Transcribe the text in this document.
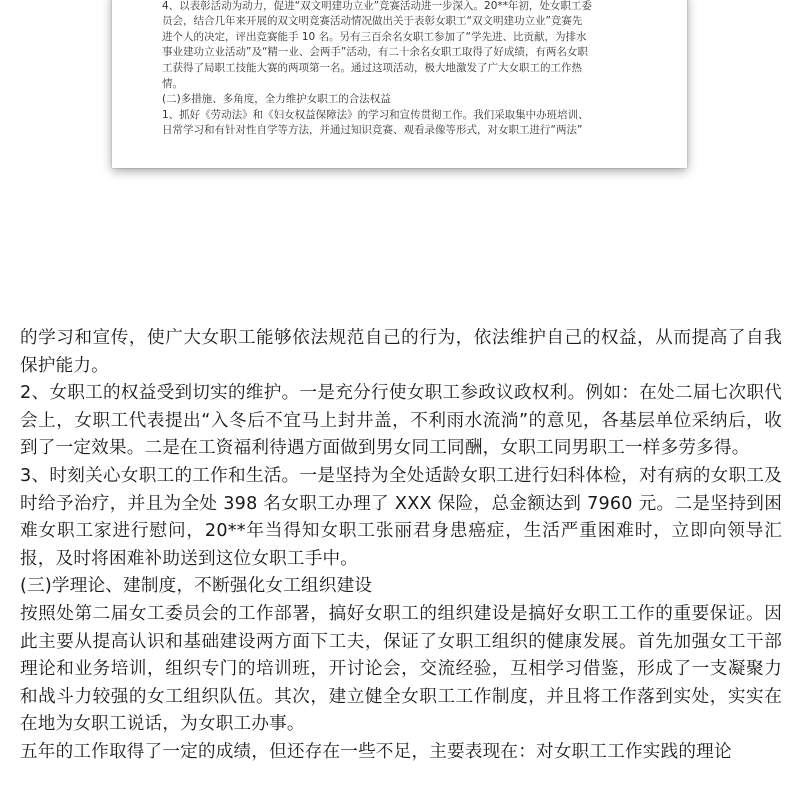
4、以表彰活动为动力，促进“双文明建功立业”竞赛活动进一步深入。20**年初，处女职工委

员会，结合几年来开展的双文明竞赛活动情况做出关于表彰女职工“双文明建功立业”竞赛先

进个人的决定，评出竞赛能手 10 名。另有三百余名女职工参加了“学先进、比贡献，为排水

事业建功立业活动”及“精一业、会两手”活动，有二十余名女职工取得了好成绩，有两名女职

工获得了局职工技能大赛的两项第一名。通过这项活动，极大地激发了广大女职工的工作热

情。

(二)多措施、多角度，全力维护女职工的合法权益

1、抓好《劳动法》和《妇女权益保障法》的学习和宣传贯彻工作。我们采取集中办班培训、

日常学习和有针对性自学等方法，并通过知识竞赛、观看录像等形式，对女职工进行“两法”

的学习和宣传，使广大女职工能够依法规范自己的行为，依法维护自己的权益，从而提高了自我保护能力。

2、女职工的权益受到切实的维护。一是充分行使女职工参政议政权利。例如：在处二届七次职代会上，女职工代表提出“入冬后不宜马上封井盖，不利雨水流淌”的意见，各基层单位采纳后，收到了一定效果。二是在工资福利待遇方面做到男女同工同酬，女职工同男职工一样多劳多得。

3、时刻关心女职工的工作和生活。一是坚持为全处适龄女职工进行妇科体检，对有病的女职工及时给予治疗，并且为全处 398 名女职工办理了 XXX 保险，总金额达到 7960 元。二是坚持到困难女职工家进行慰问，20**年当得知女职工张丽君身患癌症，生活严重困难时，立即向领导汇报，及时将困难补助送到这位女职工手中。

(三)学理论、建制度，不断强化女工组织建设

按照处第二届女工委员会的工作部署，搞好女职工的组织建设是搞好女职工工作的重要保证。因此主要从提高认识和基础建设两方面下工夫，保证了女职工组织的健康发展。首先加强女工干部理论和业务培训，组织专门的培训班，开讨论会，交流经验，互相学习借鉴，形成了一支凝聚力和战斗力较强的女工组织队伍。其次，建立健全女职工工作制度，并且将工作落到实处，实实在在地为女职工说话，为女职工办事。

五年的工作取得了一定的成绩，但还存在一些不足，主要表现在：对女职工工作实践的理论
